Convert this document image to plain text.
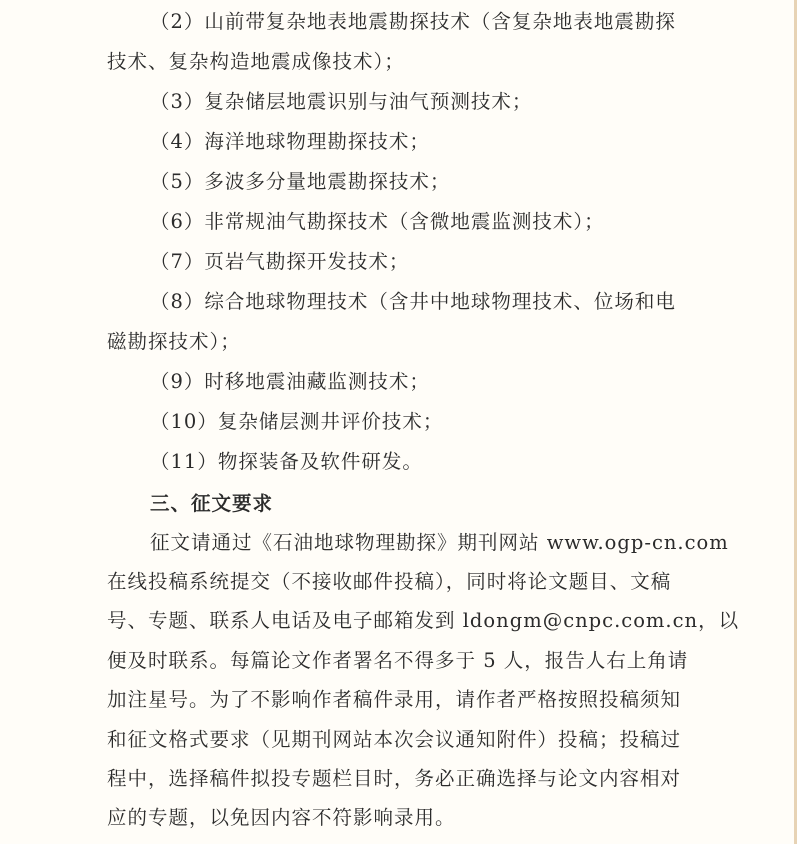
（2）山前带复杂地表地震勘探技术（含复杂地表地震勘探
技术、复杂构造地震成像技术）；
（3）复杂储层地震识别与油气预测技术；
（4）海洋地球物理勘探技术；
（5）多波多分量地震勘探技术；
（6）非常规油气勘探技术（含微地震监测技术）；
（7）页岩气勘探开发技术；
（8）综合地球物理技术（含井中地球物理技术、位场和电
磁勘探技术）；
（9）时移地震油藏监测技术；
（10）复杂储层测井评价技术；
（11）物探装备及软件研发。
三、征文要求
征文请通过《石油地球物理勘探》期刊网站 www.ogp-cn.com
在线投稿系统提交（不接收邮件投稿），同时将论文题目、文稿
号、专题、联系人电话及电子邮箱发到 ldongm@cnpc.com.cn，以
便及时联系。每篇论文作者署名不得多于 5 人，报告人右上角请
加注星号。为了不影响作者稿件录用，请作者严格按照投稿须知
和征文格式要求（见期刊网站本次会议通知附件）投稿；投稿过
程中，选择稿件拟投专题栏目时，务必正确选择与论文内容相对
应的专题，以免因内容不符影响录用。
